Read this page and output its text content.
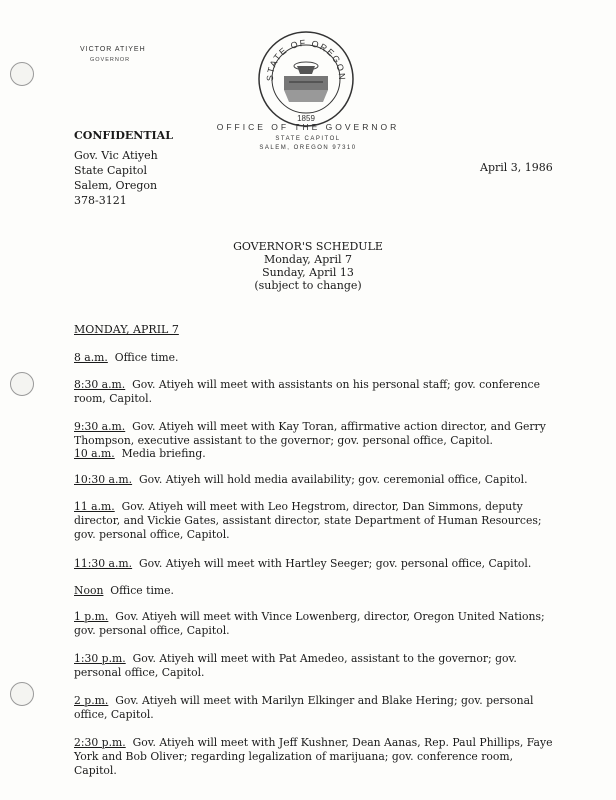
VICTOR ATIYEH
GOVERNOR
STATE OF OREGON
1859
OFFICE OF THE GOVERNOR
STATE CAPITOL
SALEM, OREGON 97310
CONFIDENTIAL
Gov. Vic Atiyeh
State Capitol
Salem, Oregon
378-3121
April 3, 1986
GOVERNOR'S SCHEDULE
Monday, April 7
Sunday, April 13
(subject to change)
MONDAY, APRIL 7
8 a.m. Office time.
8:30 a.m. Gov. Atiyeh will meet with assistants on his personal staff; gov. conference room, Capitol.
9:30 a.m. Gov. Atiyeh will meet with Kay Toran, affirmative action director, and Gerry Thompson, executive assistant to the governor; gov. personal office, Capitol.
10 a.m. Media briefing.
10:30 a.m. Gov. Atiyeh will hold media availability; gov. ceremonial office, Capitol.
11 a.m. Gov. Atiyeh will meet with Leo Hegstrom, director, Dan Simmons, deputy director, and Vickie Gates, assistant director, state Department of Human Resources; gov. personal office, Capitol.
11:30 a.m. Gov. Atiyeh will meet with Hartley Seeger; gov. personal office, Capitol.
Noon Office time.
1 p.m. Gov. Atiyeh will meet with Vince Lowenberg, director, Oregon United Nations; gov. personal office, Capitol.
1:30 p.m. Gov. Atiyeh will meet with Pat Amedeo, assistant to the governor; gov. personal office, Capitol.
2 p.m. Gov. Atiyeh will meet with Marilyn Elkinger and Blake Hering; gov. personal office, Capitol.
2:30 p.m. Gov. Atiyeh will meet with Jeff Kushner, Dean Aanas, Rep. Paul Phillips, Faye York and Bob Oliver; regarding legalization of marijuana; gov. conference room, Capitol.
